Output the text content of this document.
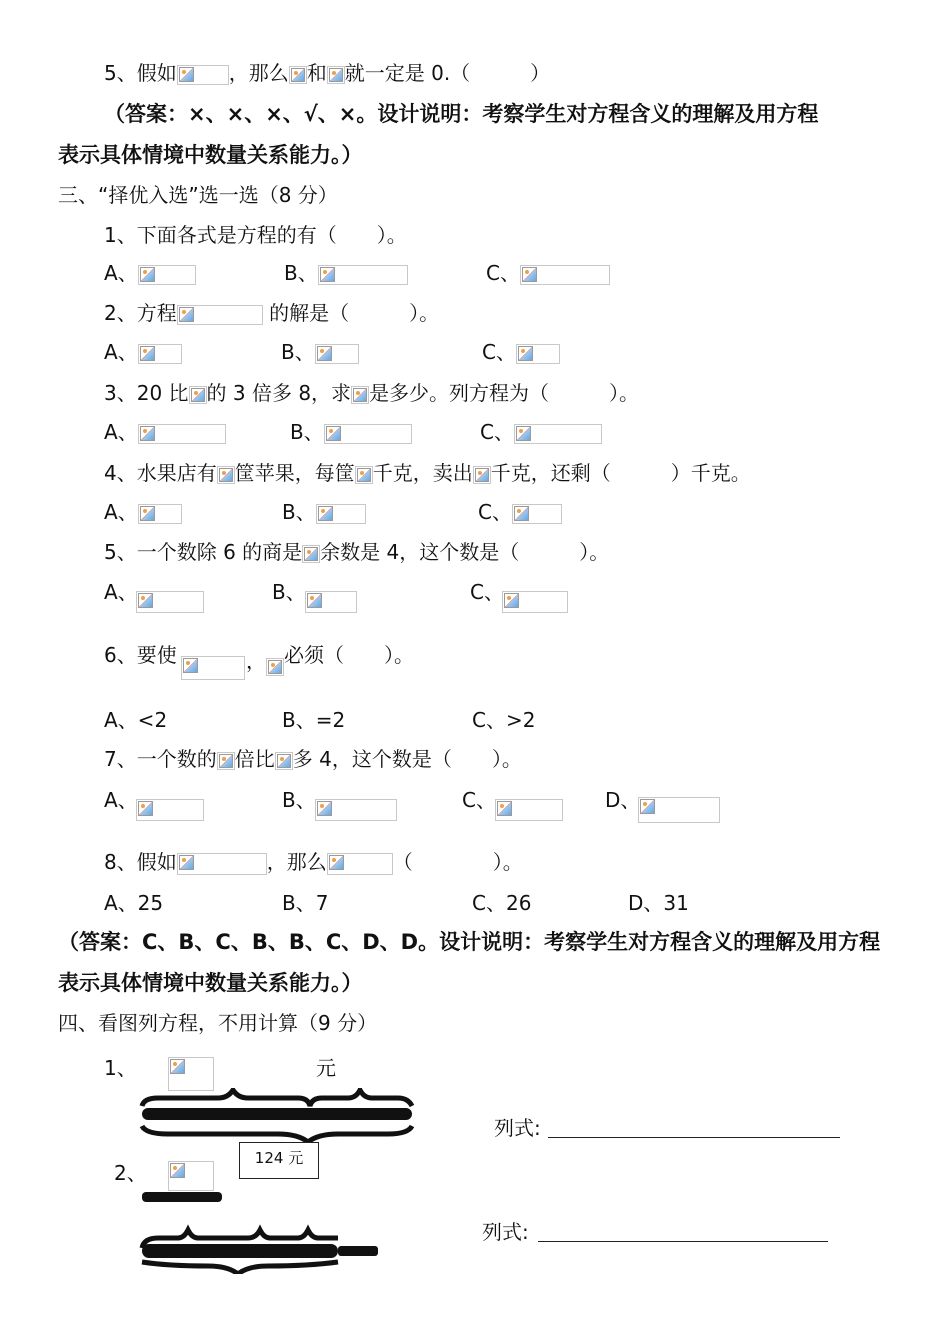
5、假如	，那么 和 就一定是 0.（　　　）
（答案：×、×、×、√、×。设计说明：考察学生对方程含义的理解及用方程
表示具体情境中数量关系能力。）
三、“择优入选”选一选（8 分）
1、下面各式是方程的有（　　）。
A、	B、	C、
2、方程	的解是（　　　）。
A、	B、	C、
3、20 比 的 3 倍多 8，求 是多少。列方程为（　　　）。
A、	B、	C、
4、水果店有 筐苹果，每筐 千克，卖出 千克，还剩（　　　）千克。
A、	B、	C、
5、一个数除 6 的商是 余数是 4，这个数是（　　　）。
A、	B、	C、
6、要使	， 必须（　　）。
A、<2	B、=2	C、>2
7、一个数的 倍比 多 4，这个数是（　　）。
A、	B、	C、	D、
8、假如	，那么	（　　　　）。
A、25	B、7	C、26	D、31
（答案：C、B、C、B、B、C、D、D。设计说明：考察学生对方程含义的理解及用方程
表示具体情境中数量关系能力。）
四、看图列方程，不用计算（9 分）
1、	元
124 元
列式:
2、
列式:
